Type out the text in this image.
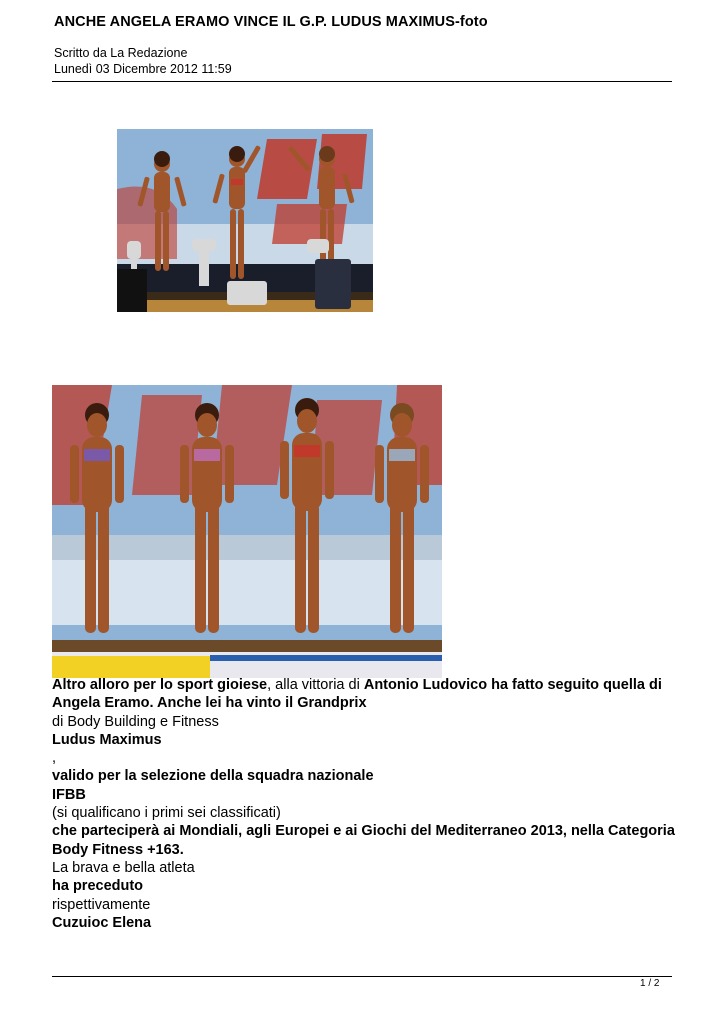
ANCHE ANGELA ERAMO VINCE IL G.P. LUDUS MAXIMUS-foto
Scritto da La Redazione
Lunedì 03 Dicembre 2012 11:59

Altro alloro per lo sport gioiese, alla vittoria di Antonio Ludovico ha fatto seguito quella di Angela Eramo. Anche lei ha vinto il Grandprix

di Body Building e Fitness

Ludus Maximus

,

valido per la selezione della squadra nazionale

IFBB

(si qualificano i primi sei classificati)

che parteciperà ai Mondiali, agli Europei e ai Giochi del Mediterraneo 2013, nella Categoria Body Fitness +163.

La brava e bella atleta

ha preceduto

rispettivamente

Cuzuioc Elena

1 / 2
